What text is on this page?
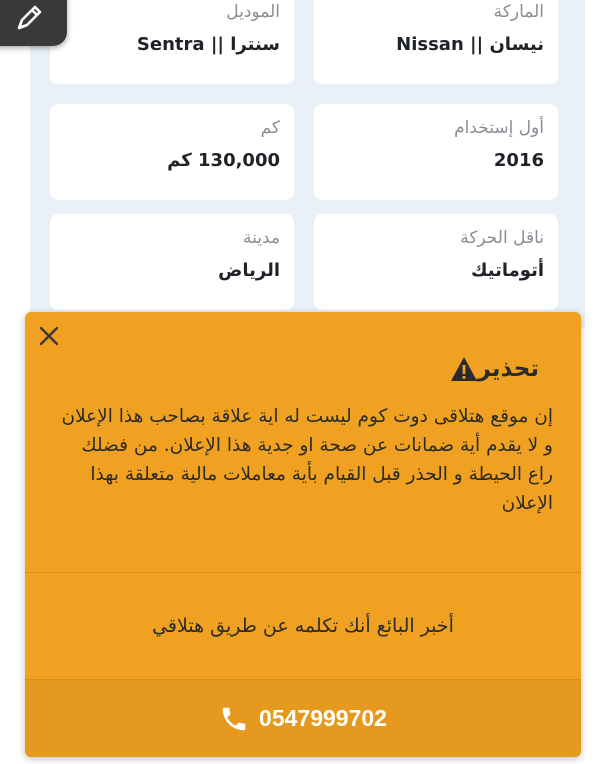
الماركة
نيسان || Nissan
الموديل
سنترا || Sentra
أول إستخدام
2016
كم
130,000 كم
ناقل الحركة
أتوماتيك
مدينة
الرياض
تحذير
إن موقع هتلاقى دوت كوم ليست له اية علاقة بصاحب هذا الإعلان و لا يقدم أية ضمانات عن صحة او جدية هذا الإعلان. من فضلك راع الحيطة و الحذر قبل القيام بأية معاملات مالية متعلقة بهذا الإعلان
أخبر البائع أنك تكلمه عن طريق هتلاقي
0547999702
